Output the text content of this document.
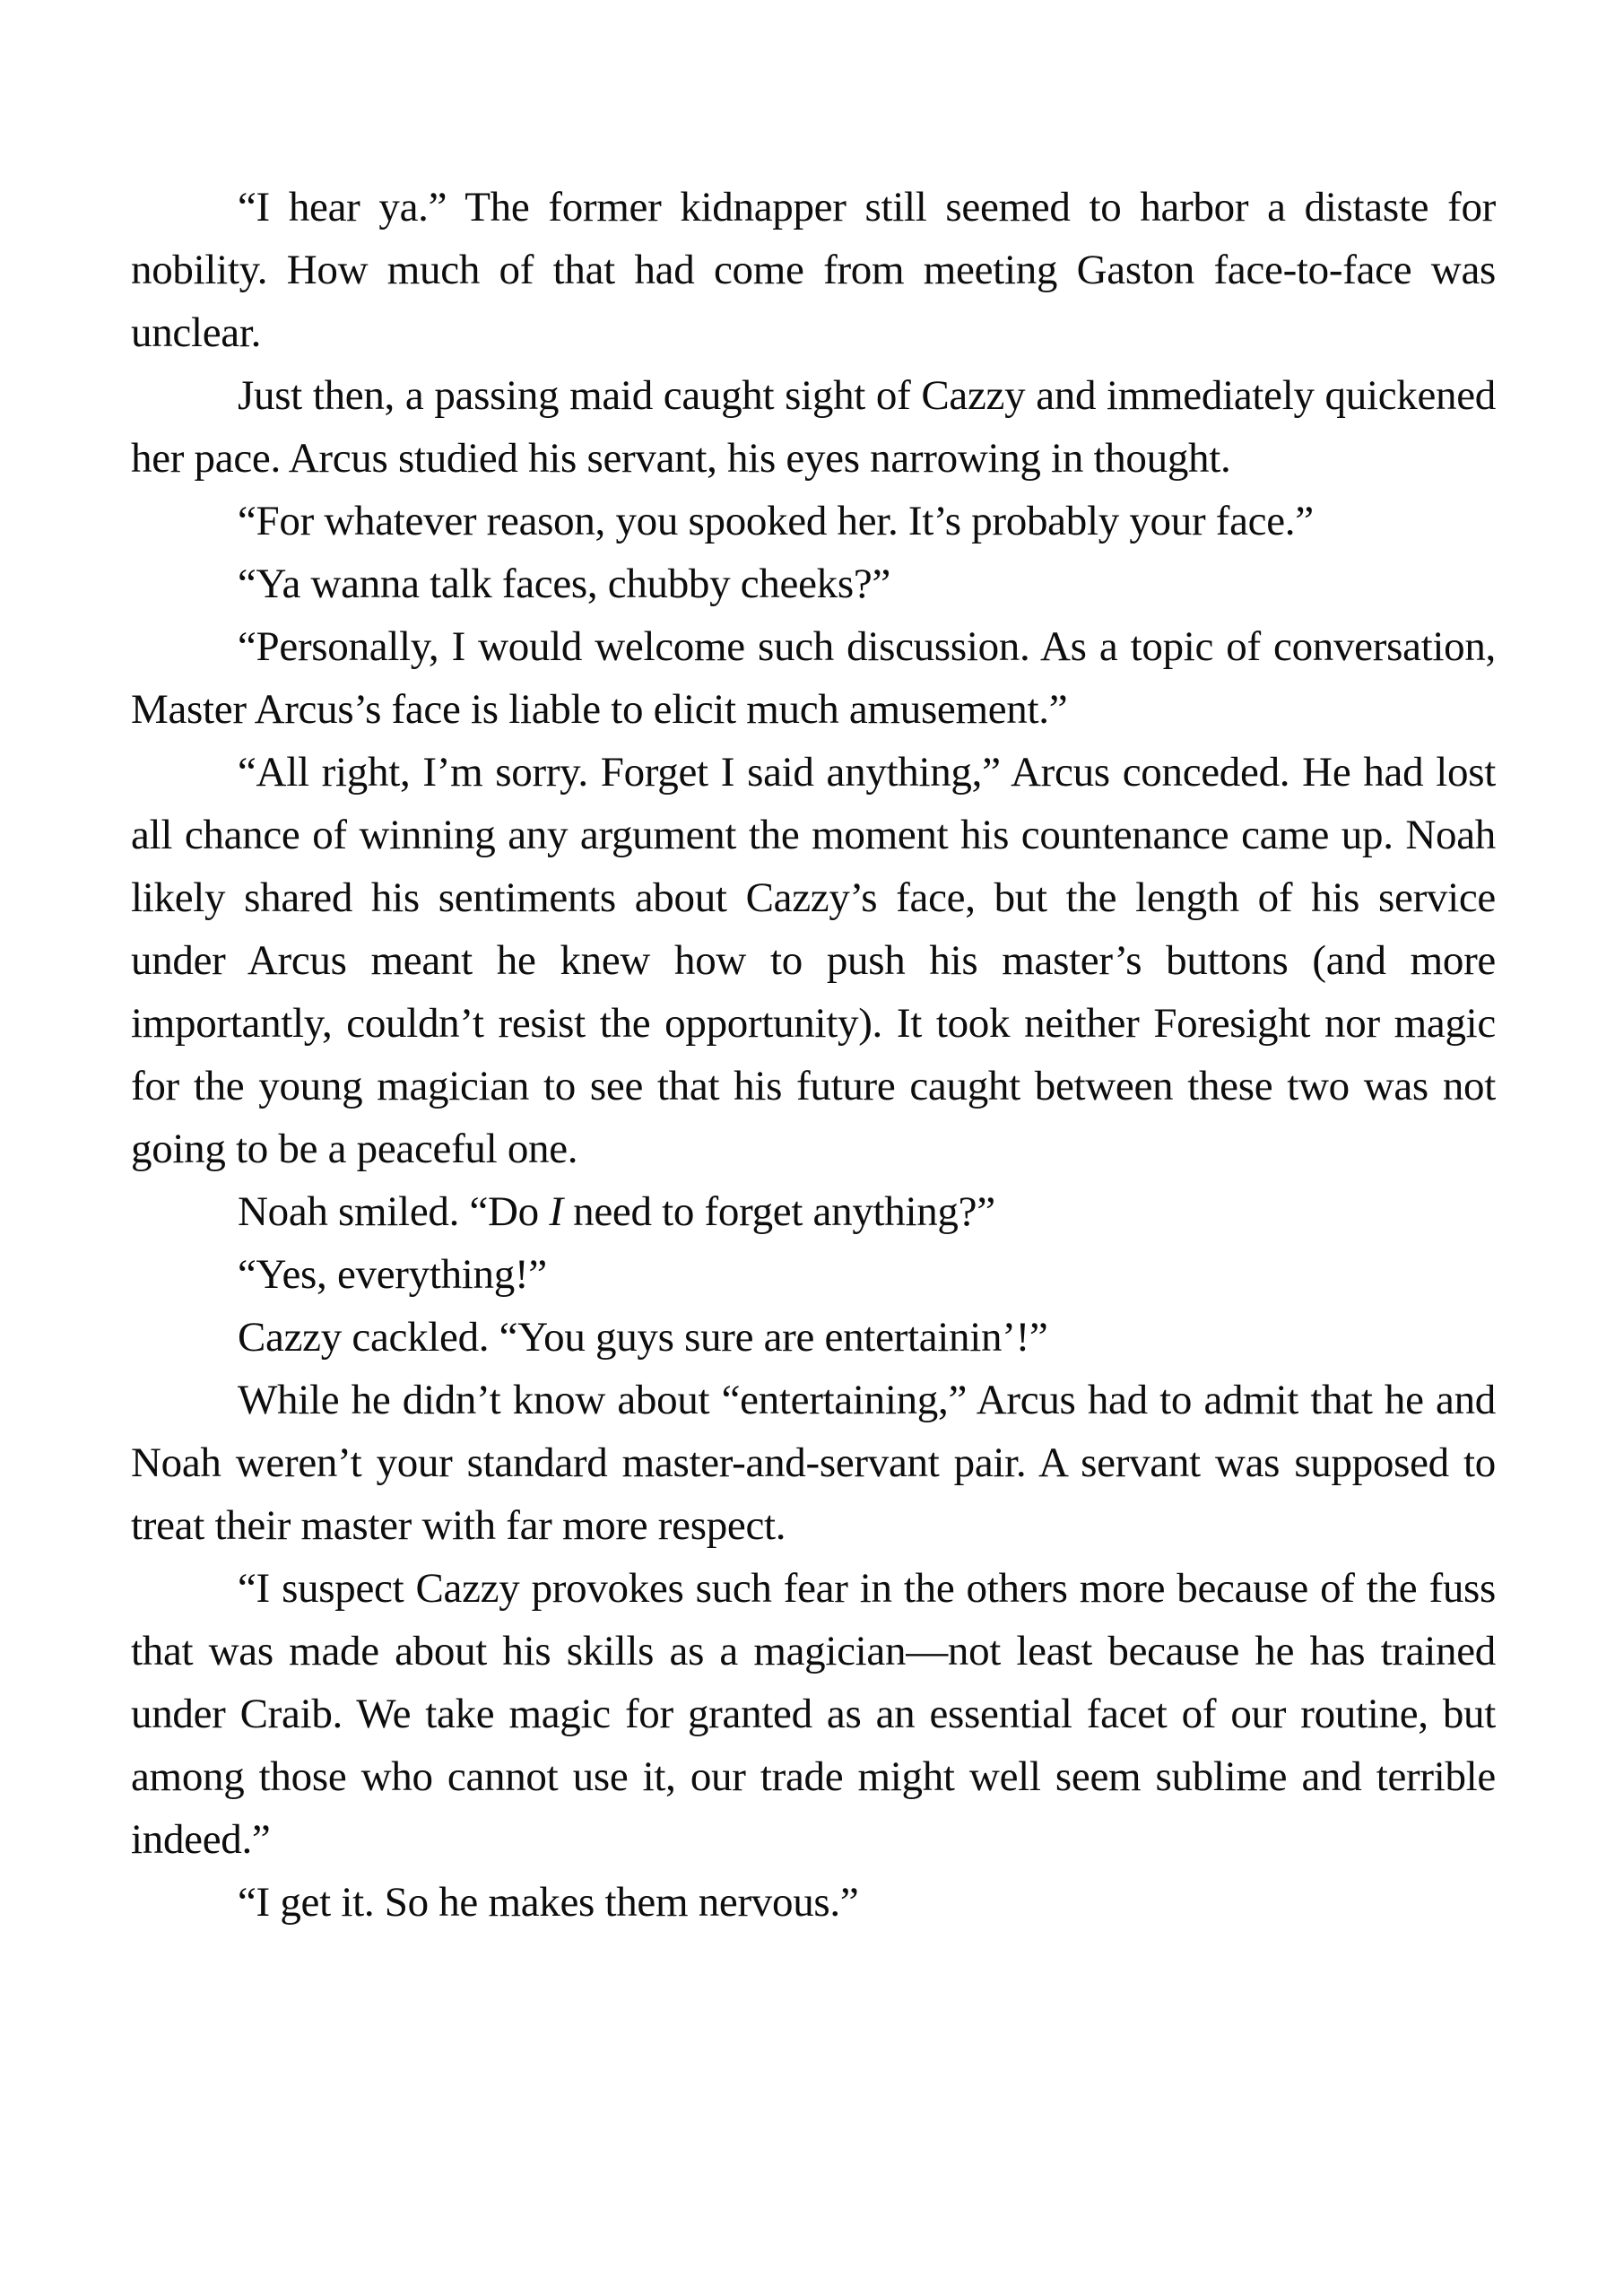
“I hear ya.” The former kidnapper still seemed to harbor a distaste for nobility. How much of that had come from meeting Gaston face-to-face was unclear.

Just then, a passing maid caught sight of Cazzy and immediately quickened her pace. Arcus studied his servant, his eyes narrowing in thought.

“For whatever reason, you spooked her. It’s probably your face.”

“Ya wanna talk faces, chubby cheeks?”

“Personally, I would welcome such discussion. As a topic of conversation, Master Arcus’s face is liable to elicit much amusement.”

“All right, I’m sorry. Forget I said anything,” Arcus conceded. He had lost all chance of winning any argument the moment his countenance came up. Noah likely shared his sentiments about Cazzy’s face, but the length of his service under Arcus meant he knew how to push his master’s buttons (and more importantly, couldn’t resist the opportunity). It took neither Foresight nor magic for the young magician to see that his future caught between these two was not going to be a peaceful one.

Noah smiled. “Do I need to forget anything?”

“Yes, everything!”

Cazzy cackled. “You guys sure are entertainin’!”

While he didn’t know about “entertaining,” Arcus had to admit that he and Noah weren’t your standard master-and-servant pair. A servant was supposed to treat their master with far more respect.

“I suspect Cazzy provokes such fear in the others more because of the fuss that was made about his skills as a magician—not least because he has trained under Craib. We take magic for granted as an essential facet of our routine, but among those who cannot use it, our trade might well seem sublime and terrible indeed.”

“I get it. So he makes them nervous.”
